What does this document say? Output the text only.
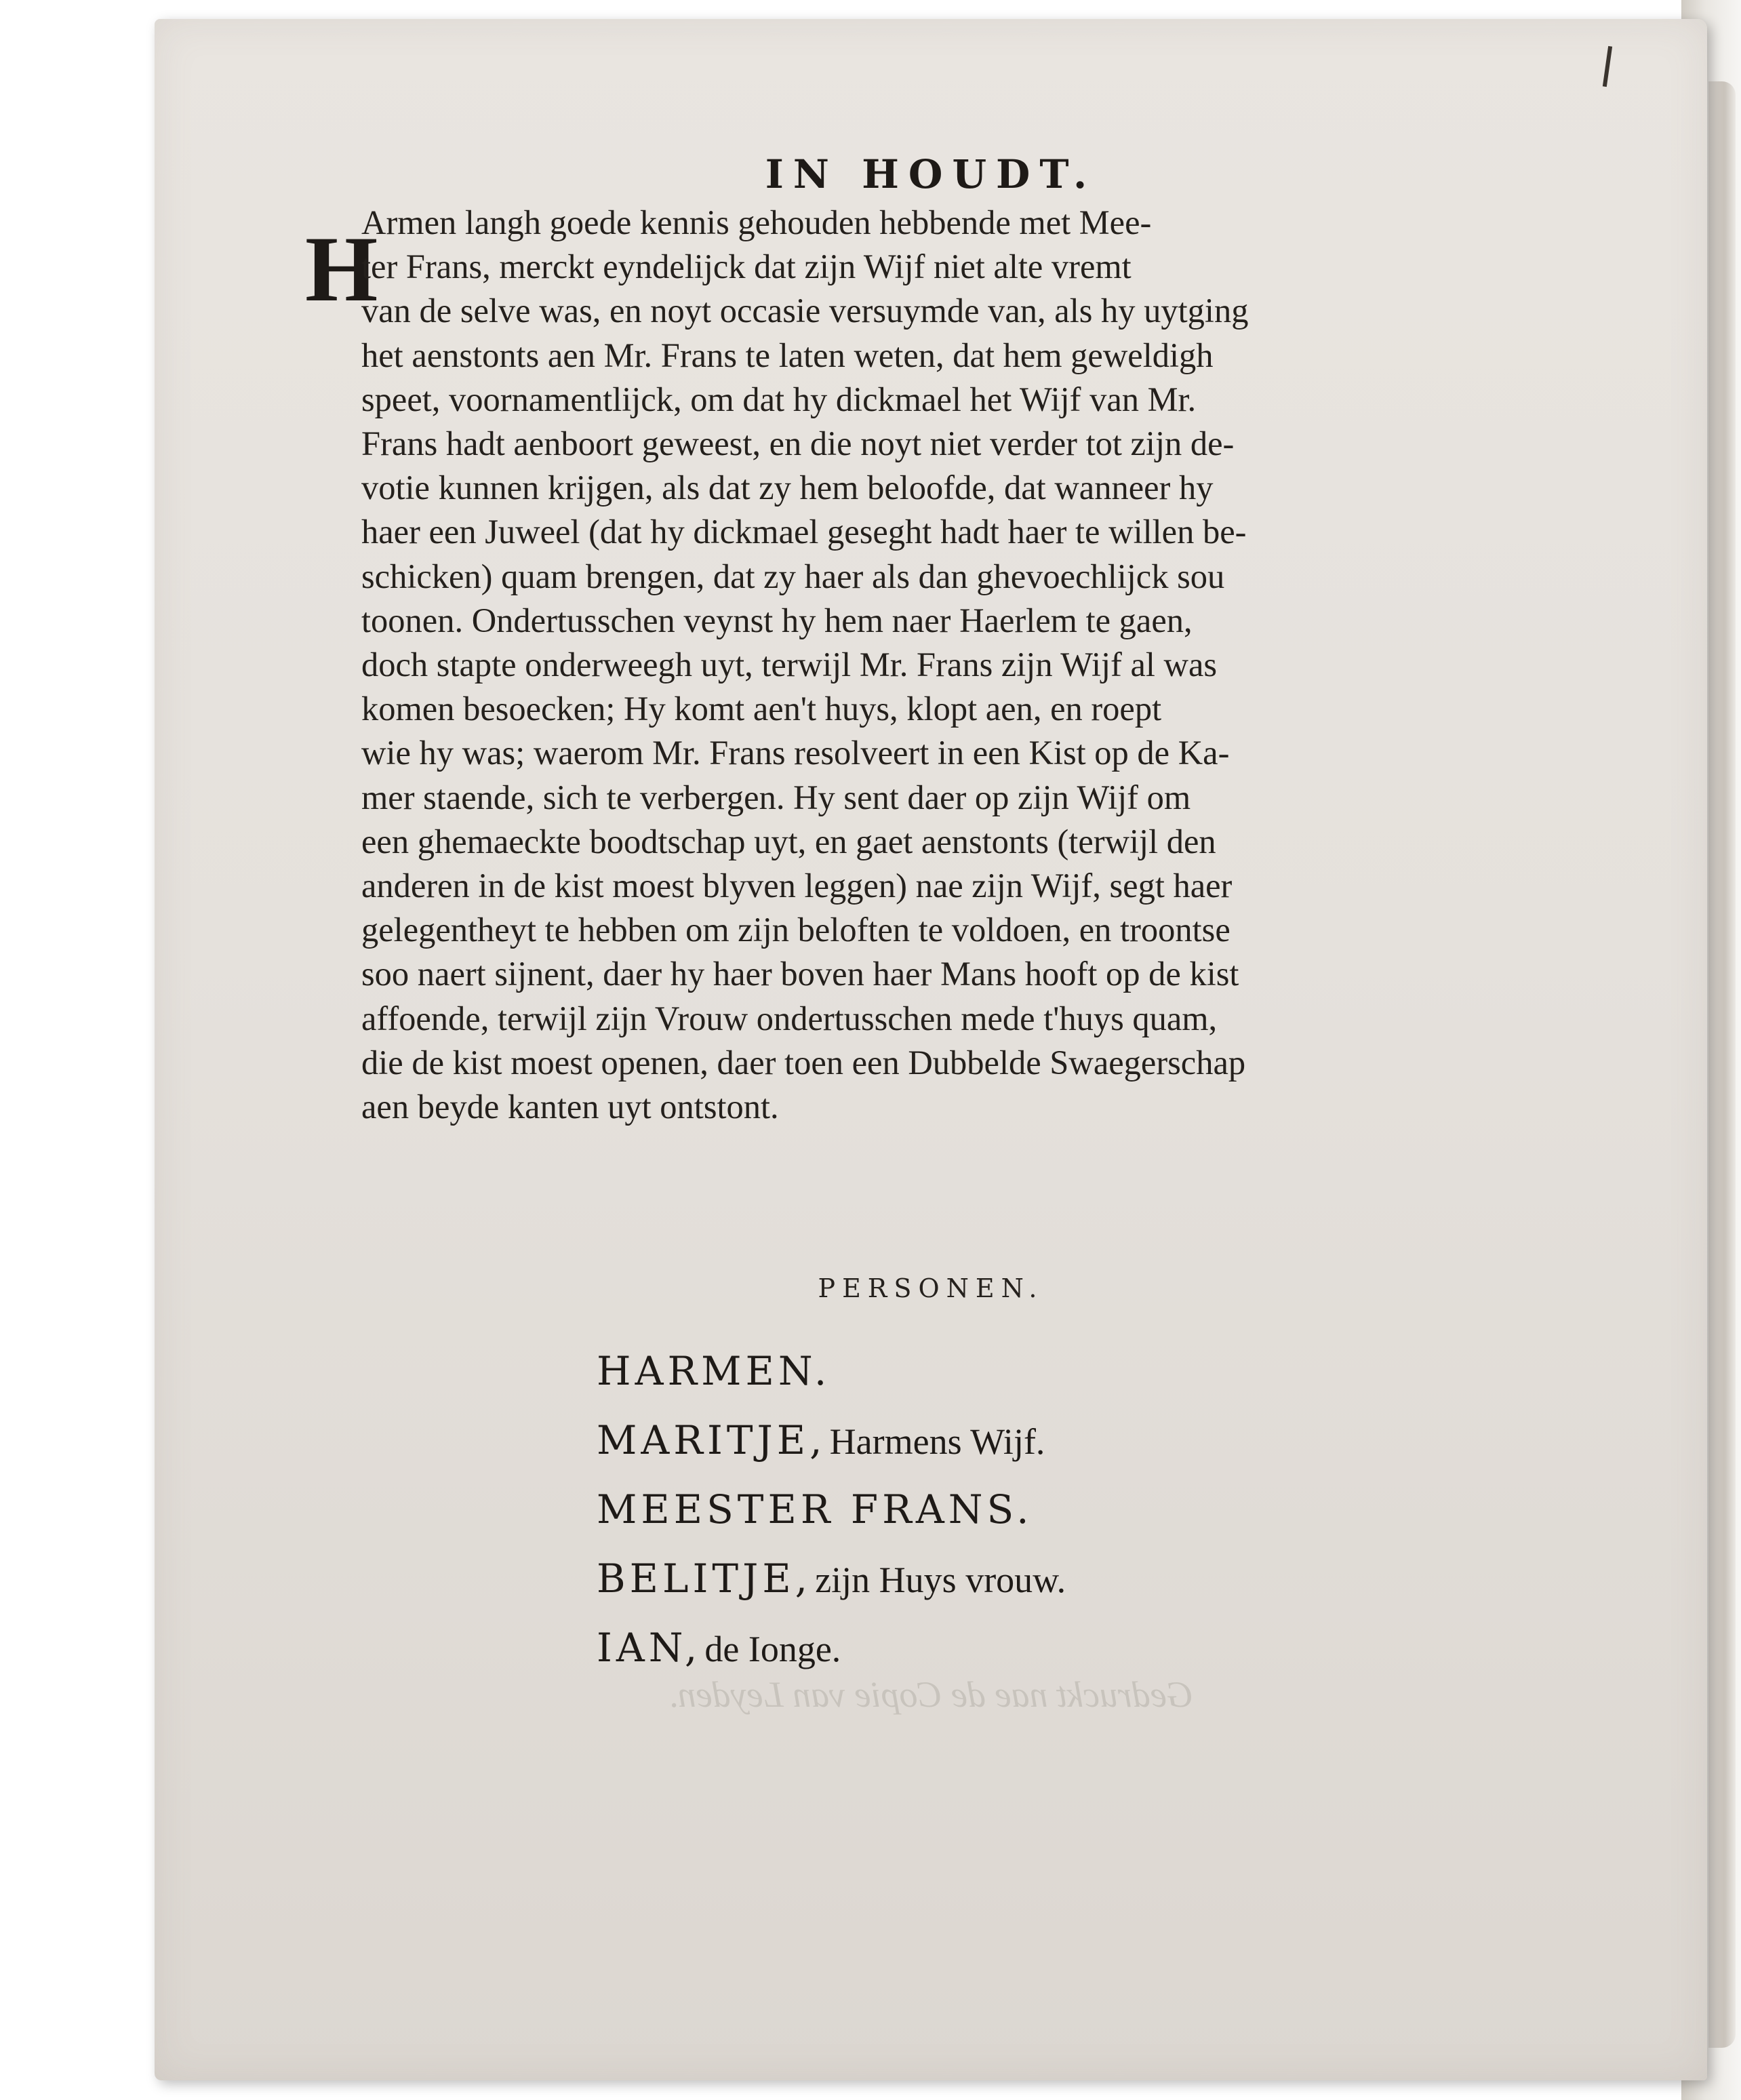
IN HOUDT.
H
Armen langh goede kennis gehouden hebbende met Mee-
ter Frans, merckt eyndelijck dat zijn Wijf niet alte vremt
van de selve was, en noyt occasie versuymde van, als hy uytging
het aenstonts aen Mr. Frans te laten weten, dat hem geweldigh
speet, voornamentlijck, om dat hy dickmael het Wijf van Mr.
Frans hadt aenboort geweest, en die noyt niet verder tot zijn de-
votie kunnen krijgen, als dat zy hem beloofde, dat wanneer hy
haer een Juweel (dat hy dickmael geseght hadt haer te willen be-
schicken) quam brengen, dat zy haer als dan ghevoechlijck sou
toonen. Ondertusschen veynst hy hem naer Haerlem te gaen,
doch stapte onderweegh uyt, terwijl Mr. Frans zijn Wijf al was
komen besoecken; Hy komt aen't huys, klopt aen, en roept
wie hy was; waerom Mr. Frans resolveert in een Kist op de Ka-
mer staende, sich te verbergen. Hy sent daer op zijn Wijf om
een ghemaeckte boodtschap uyt, en gaet aenstonts (terwijl den
anderen in de kist moest blyven leggen) nae zijn Wijf, segt haer
gelegentheyt te hebben om zijn beloften te voldoen, en troontse
soo naert sijnent, daer hy haer boven haer Mans hooft op de kist
affoende, terwijl zijn Vrouw ondertusschen mede t'huys quam,
die de kist moest openen, daer toen een Dubbelde Swaegerschap
aen beyde kanten uyt ontstont.
PERSONEN.
HARMEN.
MARITJE, Harmens Wijf.
MEESTER FRANS.
BELITJE, zijn Huys vrouw.
IAN, de Ionge.
Gedruckt nae de Copie van Leyden.
